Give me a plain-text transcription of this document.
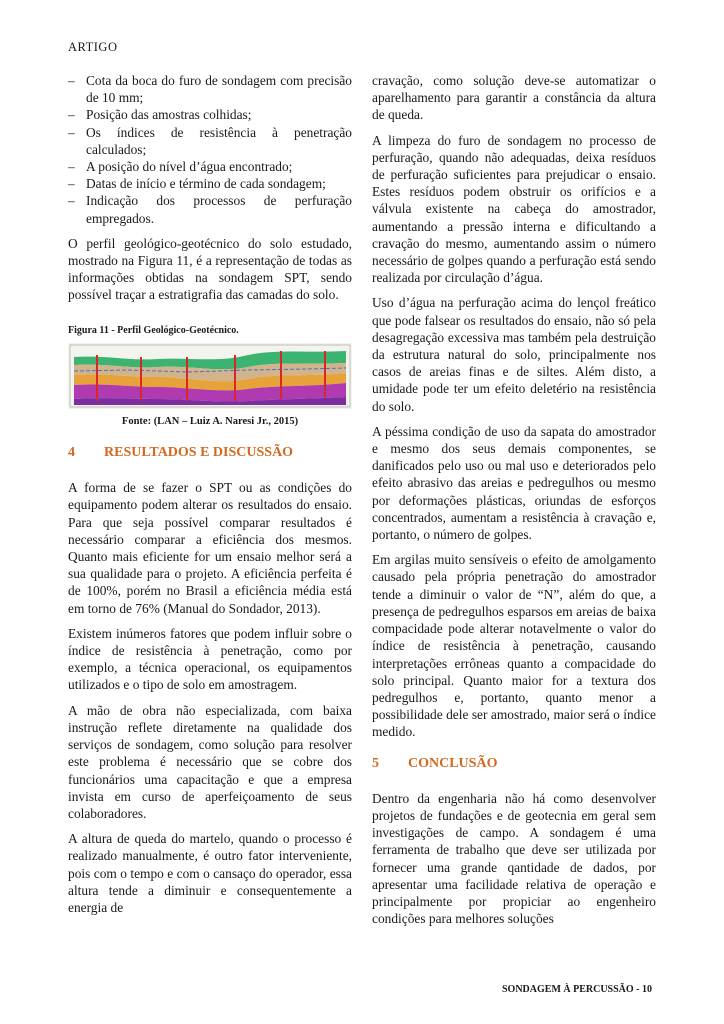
ARTIGO
– Cota da boca do furo de sondagem com precisão de 10 mm;
– Posição das amostras colhidas;
– Os índices de resistência à penetração calculados;
– A posição do nível d’água encontrado;
– Datas de início e término de cada sondagem;
– Indicação dos processos de perfuração empregados.

O perfil geológico-geotécnico do solo estudado, mostrado na Figura 11, é a representação de todas as informações obtidas na sondagem SPT, sendo possível traçar a estratigrafia das camadas do solo.

Figura 11 - Perfil Geológico-Geotécnico.
Fonte: (LAN – Luiz A. Naresi Jr., 2015)
4 RESULTADOS E DISCUSSÃO

A forma de se fazer o SPT ou as condições do equipamento podem alterar os resultados do ensaio. Para que seja possível comparar resultados é necessário comparar a eficiência dos mesmos. Quanto mais eficiente for um ensaio melhor será a sua qualidade para o projeto. A eficiência perfeita é de 100%, porém no Brasil a eficiência média está em torno de 76% (Manual do Sondador, 2013).

Existem inúmeros fatores que podem influir sobre o índice de resistência à penetração, como por exemplo, a técnica operacional, os equipamentos utilizados e o tipo de solo em amostragem.

A mão de obra não especializada, com baixa instrução reflete diretamente na qualidade dos serviços de sondagem, como solução para resolver este problema é necessário que se cobre dos funcionários uma capacitação e que a empresa invista em curso de aperfeiçoamento de seus colaboradores.

A altura de queda do martelo, quando o processo é realizado manualmente, é outro fator interveniente, pois com o tempo e com o cansaço do operador, essa altura tende a diminuir e consequentemente a energia de

cravação, como solução deve-se automatizar o aparelhamento para garantir a constância da altura de queda.

A limpeza do furo de sondagem no processo de perfuração, quando não adequadas, deixa resíduos de perfuração suficientes para prejudicar o ensaio. Estes resíduos podem obstruir os orifícios e a válvula existente na cabeça do amostrador, aumentando a pressão interna e dificultando a cravação do mesmo, aumentando assim o número necessário de golpes quando a perfuração está sendo realizada por circulação d’água.

Uso d’água na perfuração acima do lençol freático que pode falsear os resultados do ensaio, não só pela desagregação excessiva mas também pela destruição da estrutura natural do solo, principalmente nos casos de areias finas e de siltes. Além disto, a umidade pode ter um efeito deletério na resistência do solo.

A péssima condição de uso da sapata do amostrador e mesmo dos seus demais componentes, se danificados pelo uso ou mal uso e deteriorados pelo efeito abrasivo das areias e pedregulhos ou mesmo por deformações plásticas, oriundas de esforços concentrados, aumentam a resistência à cravação e, portanto, o número de golpes.

Em argilas muito sensíveis o efeito de amolgamento causado pela própria penetração do amostrador tende a diminuir o valor de “N”, além do que, a presença de pedregulhos esparsos em areias de baixa compacidade pode alterar notavelmente o valor do índice de resistência à penetração, causando interpretações errôneas quanto a compacidade do solo principal. Quanto maior for a textura dos pedregulhos e, portanto, quanto menor a possibilidade dele ser amostrado, maior será o índice medido.

5 CONCLUSÃO

Dentro da engenharia não há como desenvolver projetos de fundações e de geotecnia em geral sem investigações de campo. A sondagem é uma ferramenta de trabalho que deve ser utilizada por fornecer uma grande qantidade de dados, por apresentar uma facilidade relativa de operação e principalmente por propiciar ao engenheiro condições para melhores soluções

SONDAGEM À PERCUSSÃO - 10
